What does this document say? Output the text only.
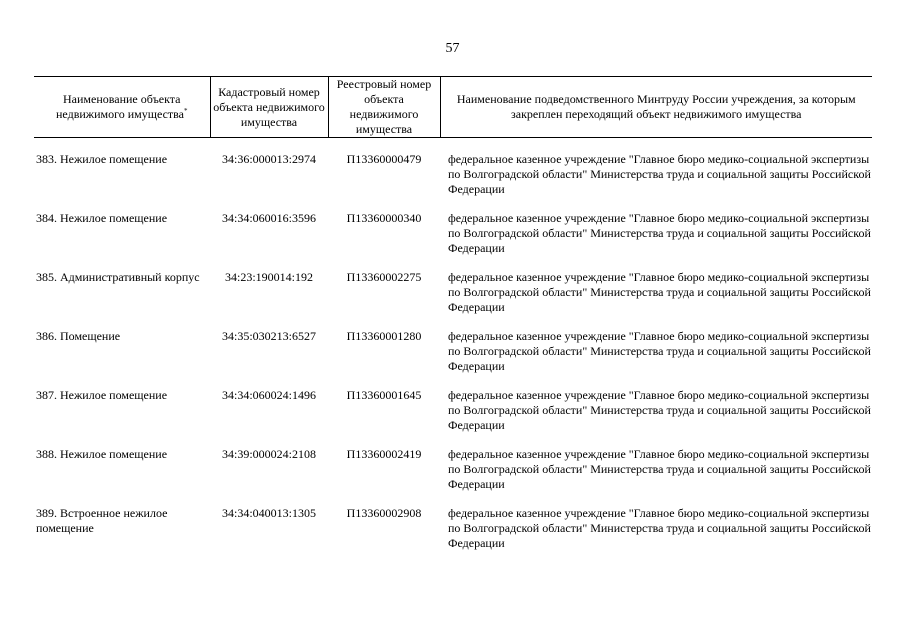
57
Наименование объекта недвижимого имущества*	Кадастровый номер объекта недвижимого имущества	Реестровый номер объекта недвижимого имущества	Наименование подведомственного Минтруду России учреждения, за которым закреплен переходящий объект недвижимого имущества

383. Нежилое помещение	34:36:000013:2974	П13360000479	федеральное казенное учреждение "Главное бюро медико-социальной экспертизы по Волгоградской области" Министерства труда и социальной защиты Российской Федерации
384. Нежилое помещение	34:34:060016:3596	П13360000340	федеральное казенное учреждение "Главное бюро медико-социальной экспертизы по Волгоградской области" Министерства труда и социальной защиты Российской Федерации
385. Административный корпус	34:23:190014:192	П13360002275	федеральное казенное учреждение "Главное бюро медико-социальной экспертизы по Волгоградской области" Министерства труда и социальной защиты Российской Федерации
386. Помещение	34:35:030213:6527	П13360001280	федеральное казенное учреждение "Главное бюро медико-социальной экспертизы по Волгоградской области" Министерства труда и социальной защиты Российской Федерации
387. Нежилое помещение	34:34:060024:1496	П13360001645	федеральное казенное учреждение "Главное бюро медико-социальной экспертизы по Волгоградской области" Министерства труда и социальной защиты Российской Федерации
388. Нежилое помещение	34:39:000024:2108	П13360002419	федеральное казенное учреждение "Главное бюро медико-социальной экспертизы по Волгоградской области" Министерства труда и социальной защиты Российской Федерации
389. Встроенное нежилое помещение	34:34:040013:1305	П13360002908	федеральное казенное учреждение "Главное бюро медико-социальной экспертизы по Волгоградской области" Министерства труда и социальной защиты Российской Федерации
